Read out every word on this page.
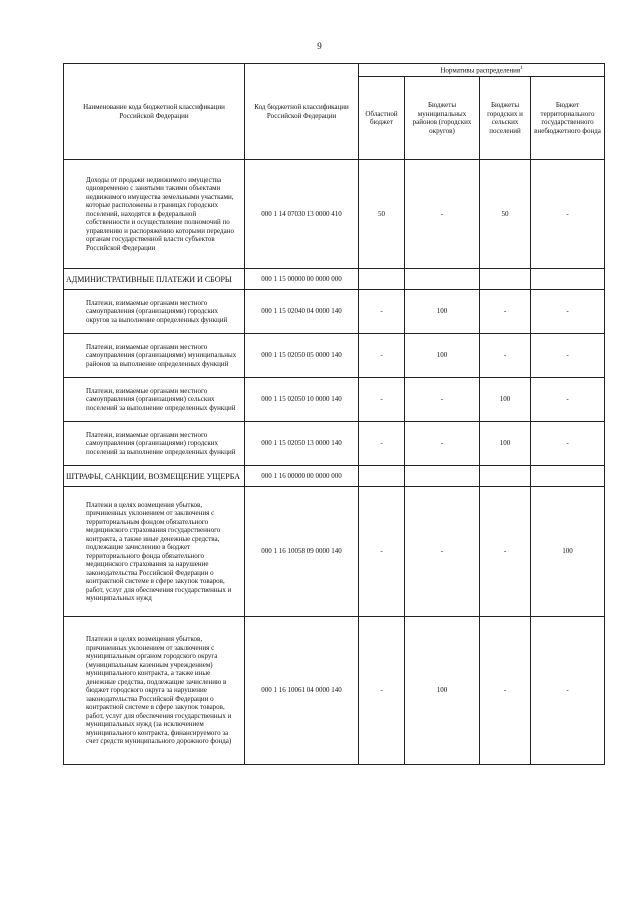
9
Наименование кода бюджетной классификации Российской Федерации	Код бюджетной классификации Российской Федерации	Нормативы распределения$^1$
		Областной бюджет	Бюджеты муниципальных районов (городских округов)	Бюджеты городских и сельских поселений	Бюджет территориального государственного внебюджетного фонда
Доходы от продажи недвижимого имущества одновременно с занятыми такими объектами недвижимого имущества земельными участками, которые расположены в границах городских поселений, находятся в федеральной собственности и осуществление полномочий по управлению и распоряжению которыми передано органам государственной власти субъектов Российской Федерации	000 1 14 07030 13 0000 410	50	-	50	-
АДМИНИСТРАТИВНЫЕ ПЛАТЕЖИ И СБОРЫ	000 1 15 00000 00 0000 000				
Платежи, взимаемые органами местного самоуправления (организациями) городских округов за выполнение определенных функций	000 1 15 02040 04 0000 140	-	100	-	-
Платежи, взимаемые органами местного самоуправления (организациями) муниципальных районов за выполнение определенных функций	000 1 15 02050 05 0000 140	-	100	-	-
Платежи, взимаемые органами местного самоуправления (организациями) сельских поселений за выполнение определенных функций	000 1 15 02050 10 0000 140	-	-	100	-
Платежи, взимаемые органами местного самоуправления (организациями) городских поселений за выполнение определенных функций	000 1 15 02050 13 0000 140	-	-	100	-
ШТРАФЫ, САНКЦИИ, ВОЗМЕЩЕНИЕ УЩЕРБА	000 1 16 00000 00 0000 000				
Платежи в целях возмещения убытков, причиненных уклонением от заключения с территориальным фондом обязательного медицинского страхования государственного контракта, а также иные денежные средства, подлежащие зачислению в бюджет территориального фонда обязательного медицинского страхования за нарушение законодательства Российской Федерации о контрактной системе в сфере закупок товаров, работ, услуг для обеспечения государственных и муниципальных нужд	000 1 16 10058 09 0000 140	-	-	-	100
Платежи в целях возмещения убытков, причиненных уклонением от заключения с муниципальным органом городского округа (муниципальным казенным учреждением) муниципального контракта, а также иные денежные средства, подлежащие зачислению в бюджет городского округа за нарушение законодательства Российской Федерации о контрактной системе в сфере закупок товаров, работ, услуг для обеспечения государственных и муниципальных нужд (за исключением муниципального контракта, финансируемого за счет средств муниципального дорожного фонда)	000 1 16 10061 04 0000 140	-	100	-	-
